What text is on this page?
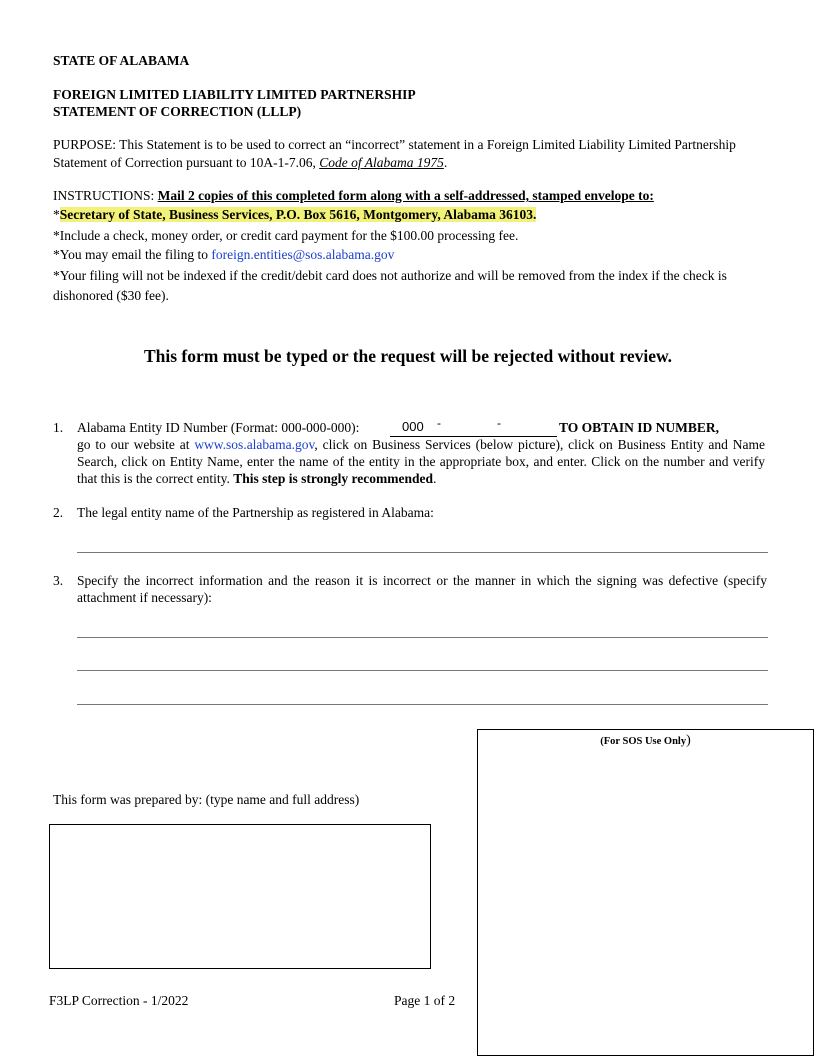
STATE OF ALABAMA
FOREIGN LIMITED LIABILITY LIMITED PARTNERSHIP
STATEMENT OF CORRECTION (LLLP)
PURPOSE: This Statement is to be used to correct an “incorrect” statement in a Foreign Limited Liability Limited Partnership Statement of Correction pursuant to 10A-1-7.06, Code of Alabama 1975.
INSTRUCTIONS: Mail 2 copies of this completed form along with a self-addressed, stamped envelope to:
*Secretary of State, Business Services, P.O. Box 5616, Montgomery, Alabama 36103.
*Include a check, money order, or credit card payment for the $100.00 processing fee.
*You may email the filing to foreign.entities@sos.alabama.gov
*Your filing will not be indexed if the credit/debit card does not authorize and will be removed from the index if the check is dishonored ($30 fee).
This form must be typed or the request will be rejected without review.
1. Alabama Entity ID Number (Format: 000-000-000):	000 -	-	TO OBTAIN ID NUMBER,
go to our website at www.sos.alabama.gov, click on Business Services (below picture), click on Business Entity and Name Search, click on Entity Name, enter the name of the entity in the appropriate box, and enter. Click on the number and verify that this is the correct entity. This step is strongly recommended.
2. The legal entity name of the Partnership as registered in Alabama:
3. Specify the incorrect information and the reason it is incorrect or the manner in which the signing was defective (specify attachment if necessary):
(For SOS Use Only)
This form was prepared by: (type name and full address)
F3LP Correction - 1/2022	Page 1 of 2
